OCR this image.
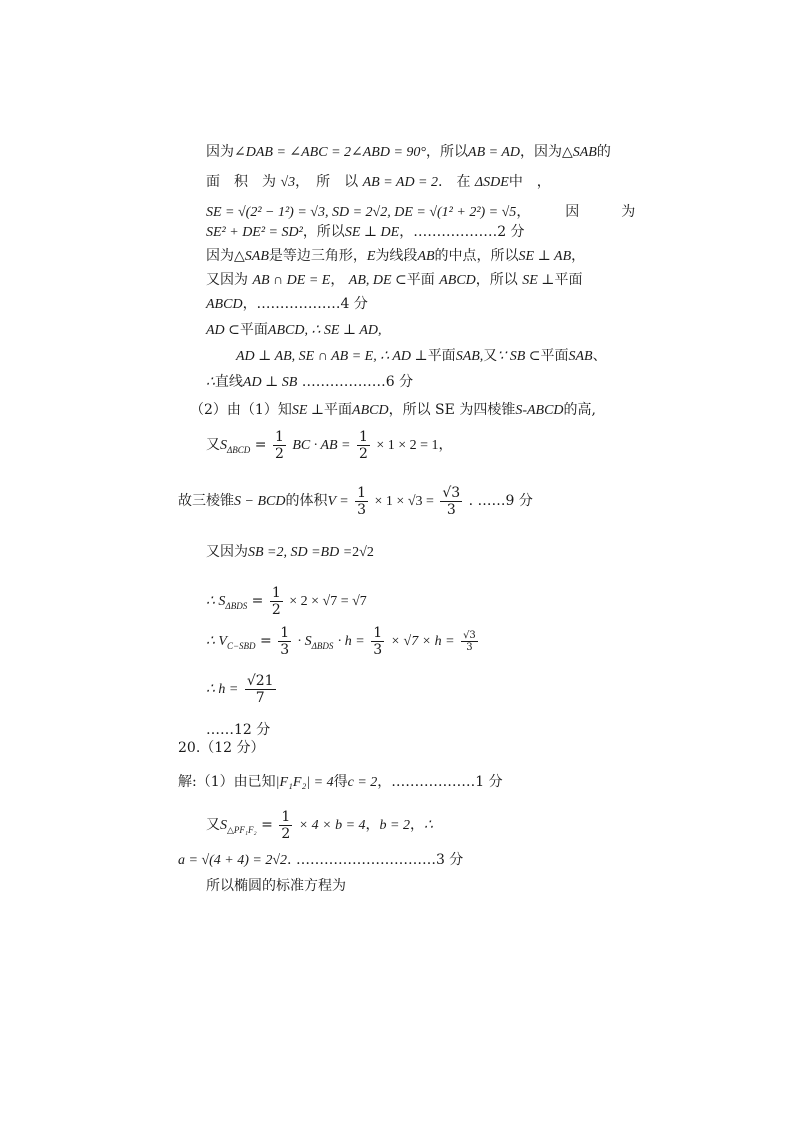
因为∠DAB = ∠ABC = 2∠ABD = 90°，所以AB = AD，因为△SAB的
面　积　为 √3，　所　以 AB = AD = 2.　在 ΔSDE中　，
SE = √(2² − 1²) = √3, SD = 2√2, DE = √(1² + 2²) = √5，　　　因　　　为
SE² + DE² = SD²，所以SE ⊥ DE，………………2 分
因为△SAB是等边三角形，E为线段AB的中点，所以SE ⊥ AB，
又因为 AB ∩ DE = E， AB, DE ⊂平面 ABCD，所以 SE ⊥平面
ABCD，………………4 分
AD ⊂平面ABCD, ∴ SE ⊥ AD,
AD ⊥ AB, SE ∩ AB = E, ∴ AD ⊥平面SAB,又∵ SB ⊂平面SAB、
∴直线AD ⊥ SB ………………6 分
（2）由（1）知SE ⊥平面ABCD，所以 SE 为四棱锥S-ABCD的高,
又$S_{\Delta BCD} = \frac{1}{2}$ BC · AB = $\frac{1}{2} \times 1 \times 2 = 1$，
故三棱锥S − BCD的体积$V = \frac{1}{3} \times 1 \times √3 = \frac{√3}{3}$ . ……9 分
又因为SB =2, SD =BD =2√2
∴ $S_{\Delta BDS} = \frac{1}{2} \times 2 \times √7 = √7$
∴ $V_{C-SBD} = \frac{1}{3} \cdot S_{\Delta BDS} \cdot h = \frac{1}{3} \times √7 \times h = \frac{√3}{3}$
∴ $h = \frac{√21}{7}$
……12 分
20.（12 分）
解:（1）由已知|F₁F₂| = 4得c = 2，………………1 分
又$S_{\triangle PF_1F_2} = \frac{1}{2} \times 4 \times b = 4$，b = 2，∴
a = √(4 + 4) = 2√2. …………………………3 分
所以椭圆的标准方程为
